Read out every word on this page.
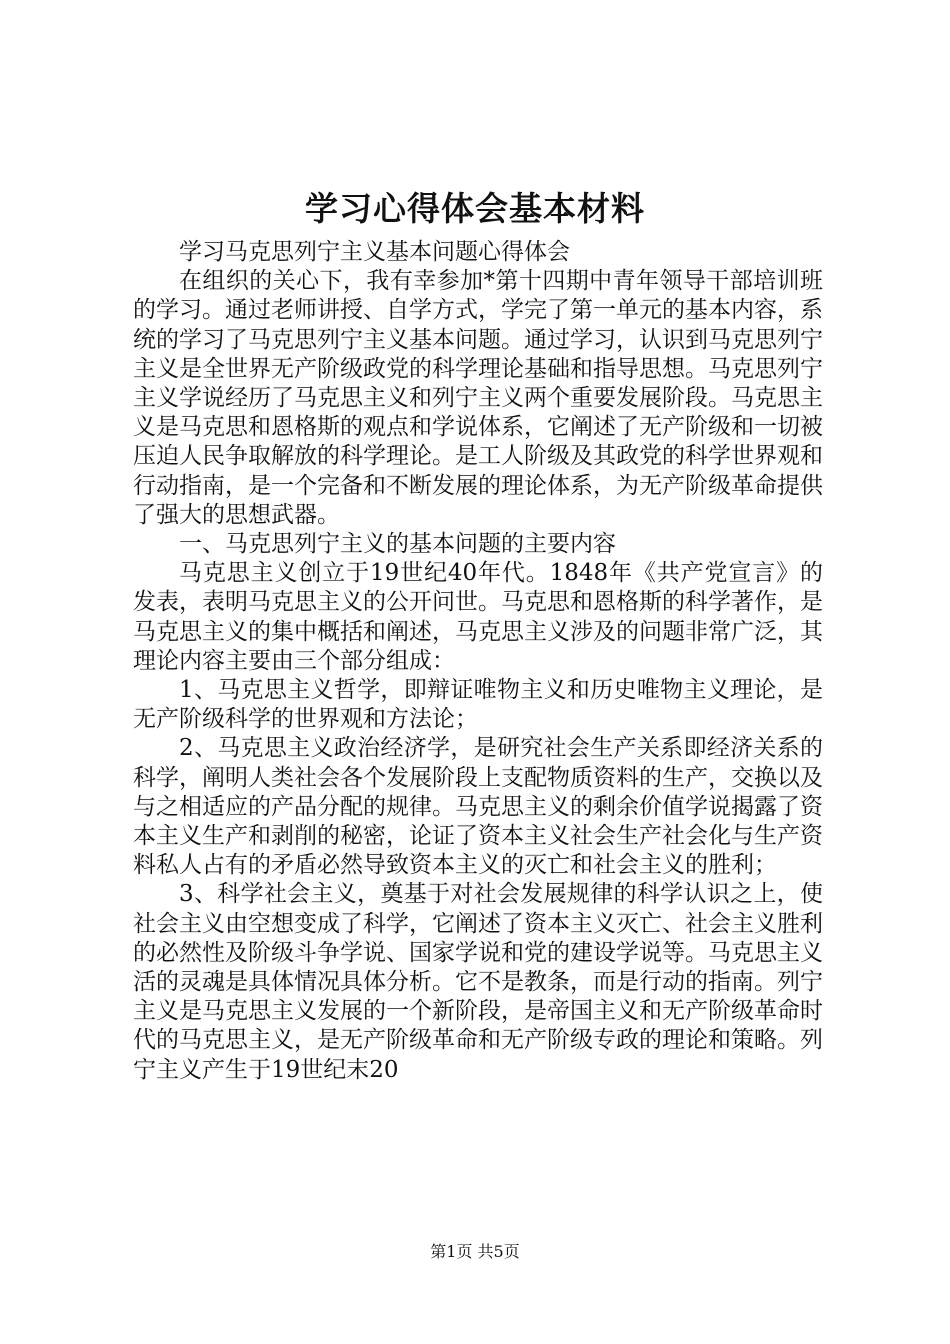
学习心得体会基本材料

学习马克思列宁主义基本问题心得体会

在组织的关心下，我有幸参加*第十四期中青年领导干部培训班的学习。通过老师讲授、自学方式，学完了第一单元的基本内容，系统的学习了马克思列宁主义基本问题。通过学习，认识到马克思列宁主义是全世界无产阶级政党的科学理论基础和指导思想。马克思列宁主义学说经历了马克思主义和列宁主义两个重要发展阶段。马克思主义是马克思和恩格斯的观点和学说体系，它阐述了无产阶级和一切被压迫人民争取解放的科学理论。是工人阶级及其政党的科学世界观和行动指南，是一个完备和不断发展的理论体系，为无产阶级革命提供了强大的思想武器。

一、马克思列宁主义的基本问题的主要内容

马克思主义创立于19世纪40年代。1848年《共产党宣言》的发表，表明马克思主义的公开问世。马克思和恩格斯的科学著作，是马克思主义的集中概括和阐述，马克思主义涉及的问题非常广泛，其理论内容主要由三个部分组成：

1、马克思主义哲学，即辩证唯物主义和历史唯物主义理论，是无产阶级科学的世界观和方法论；

2、马克思主义政治经济学，是研究社会生产关系即经济关系的科学，阐明人类社会各个发展阶段上支配物质资料的生产，交换以及与之相适应的产品分配的规律。马克思主义的剩余价值学说揭露了资本主义生产和剥削的秘密，论证了资本主义社会生产社会化与生产资料私人占有的矛盾必然导致资本主义的灭亡和社会主义的胜利；

3、科学社会主义，奠基于对社会发展规律的科学认识之上，使社会主义由空想变成了科学，它阐述了资本主义灭亡、社会主义胜利的必然性及阶级斗争学说、国家学说和党的建设学说等。马克思主义活的灵魂是具体情况具体分析。它不是教条，而是行动的指南。列宁主义是马克思主义发展的一个新阶段，是帝国主义和无产阶级革命时代的马克思主义，是无产阶级革命和无产阶级专政的理论和策略。列宁主义产生于19世纪末20

第1页 共5页
